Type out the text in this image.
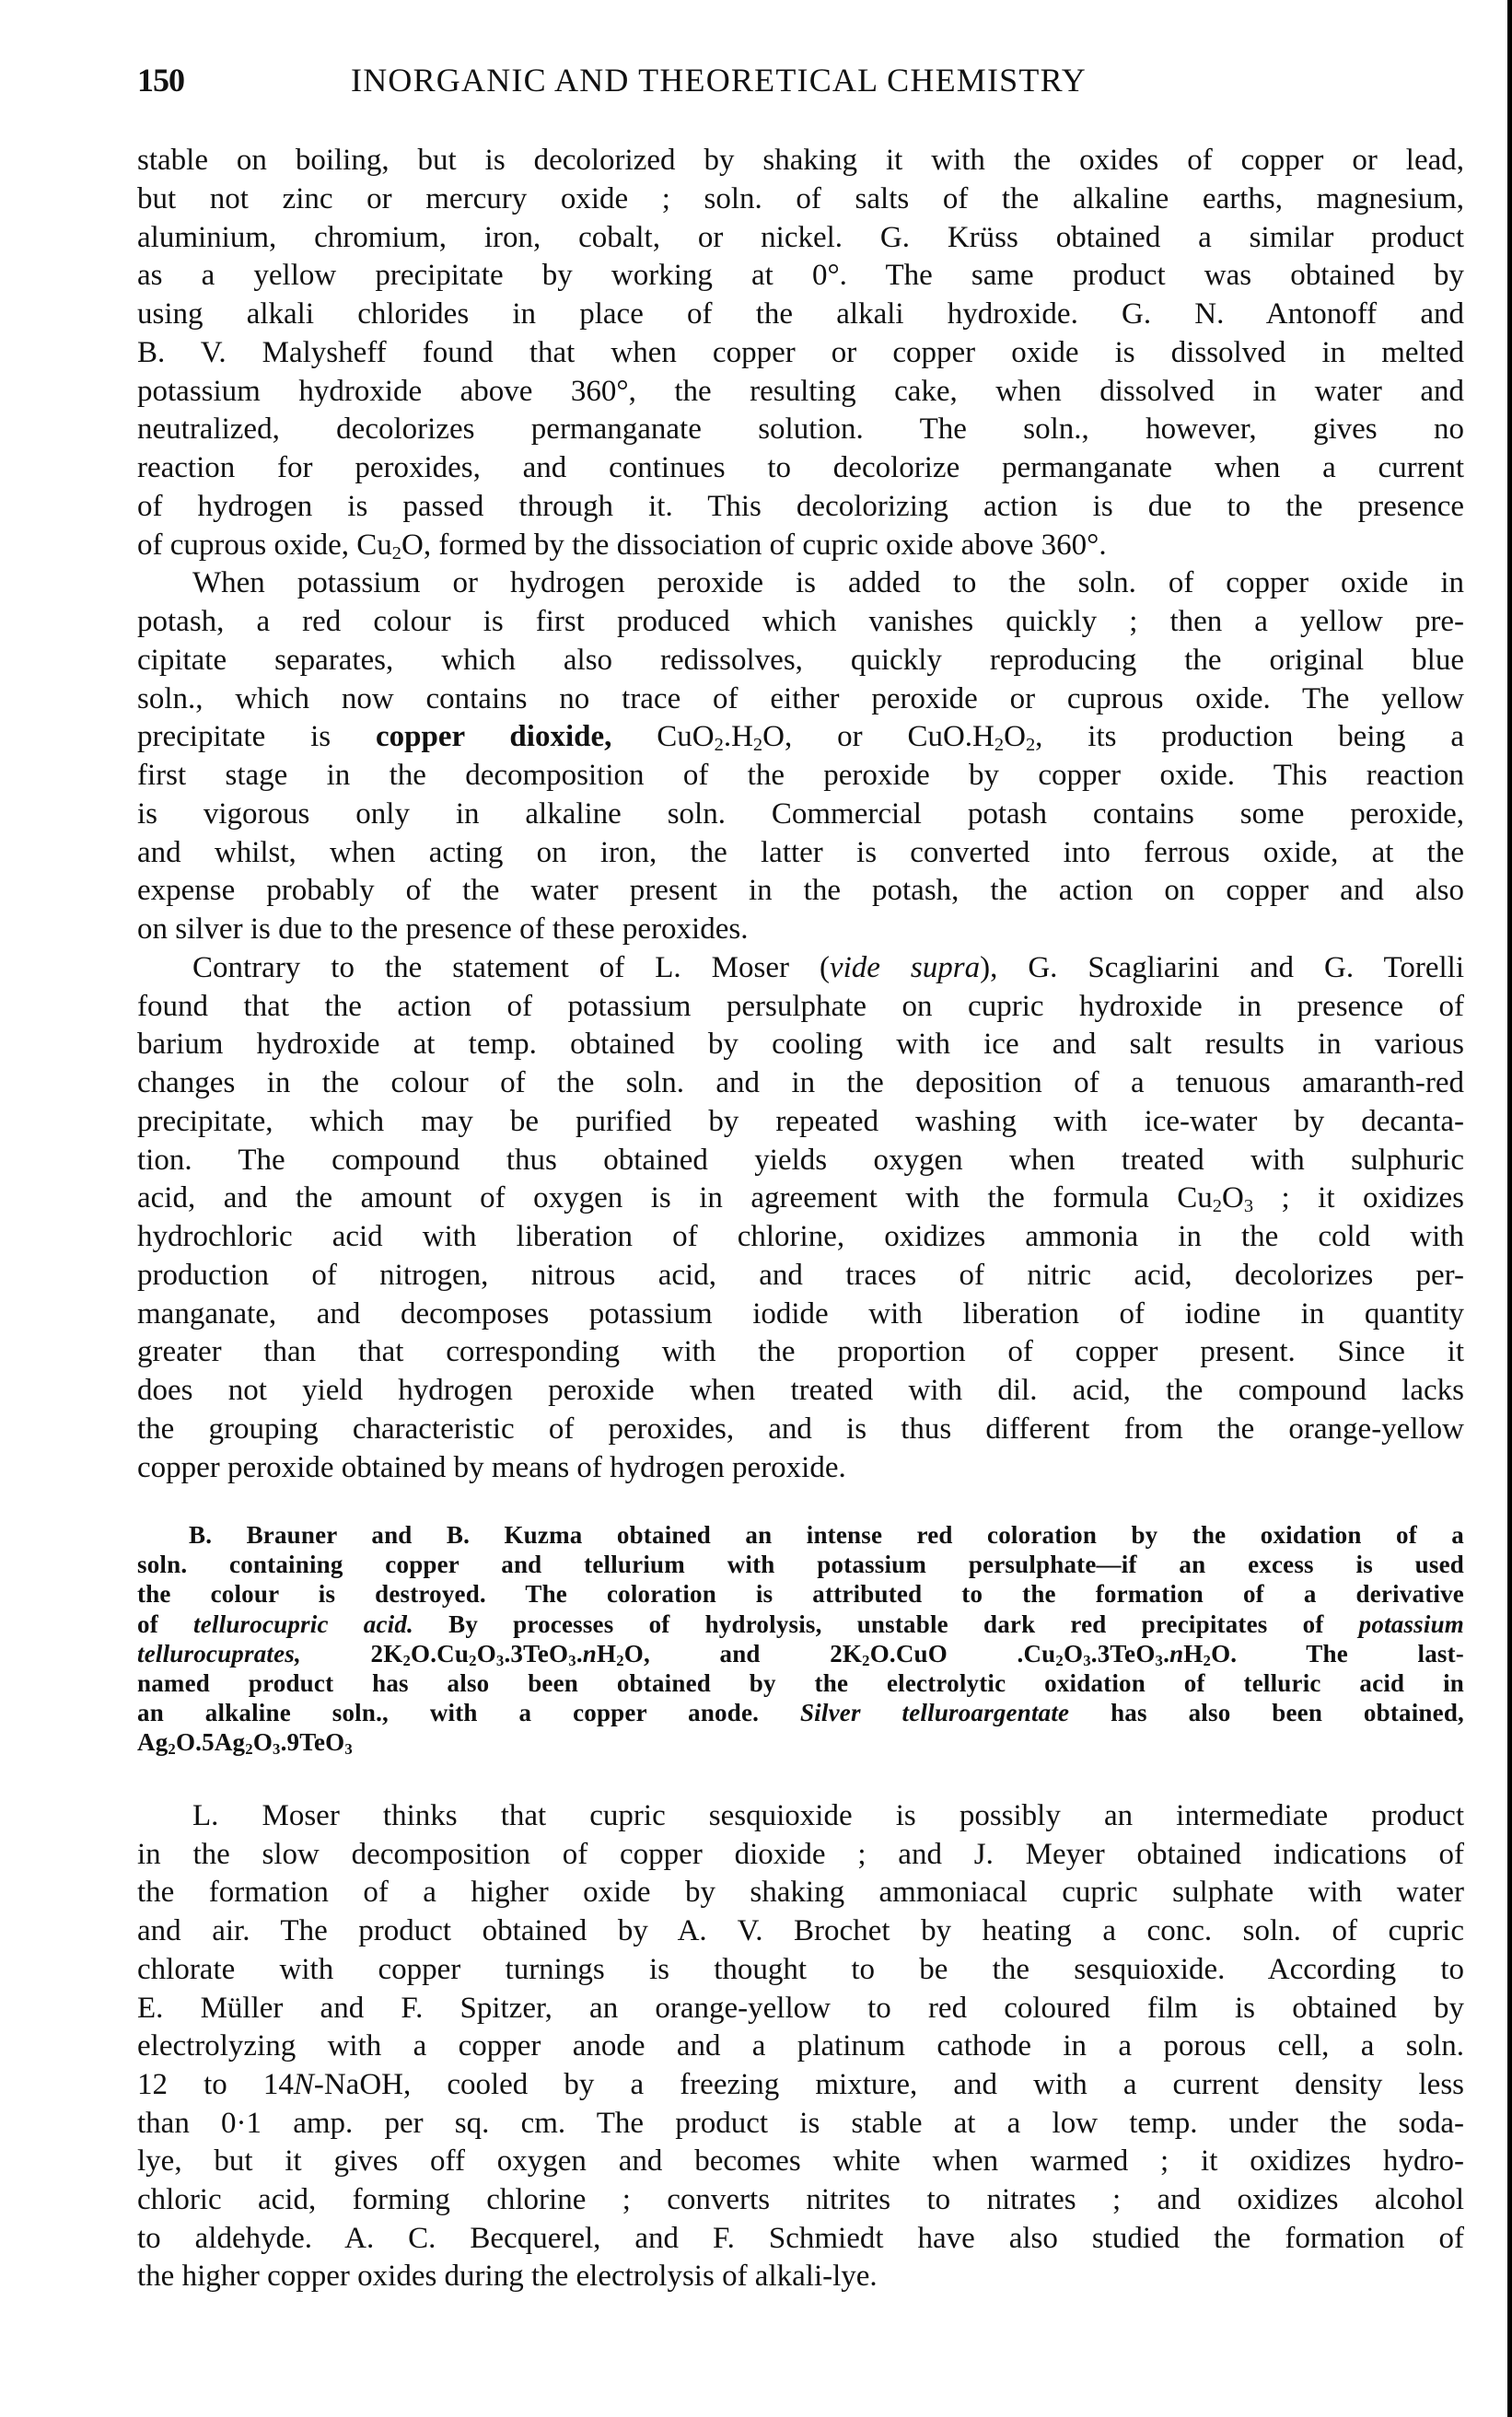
150	INORGANIC AND THEORETICAL CHEMISTRY
stable on boiling, but is decolorized by shaking it with the oxides of copper or lead,
but not zinc or mercury oxide ; soln. of salts of the alkaline earths, magnesium,
aluminium, chromium, iron, cobalt, or nickel. G. Krüss obtained a similar product
as a yellow precipitate by working at 0°. The same product was obtained by
using alkali chlorides in place of the alkali hydroxide. G. N. Antonoff and
B. V. Malysheff found that when copper or copper oxide is dissolved in melted
potassium hydroxide above 360°, the resulting cake, when dissolved in water and
neutralized, decolorizes permanganate solution. The soln., however, gives no
reaction for peroxides, and continues to decolorize permanganate when a current
of hydrogen is passed through it. This decolorizing action is due to the presence
of cuprous oxide, $Cu_2O$, formed by the dissociation of cupric oxide above 360°.
When potassium or hydrogen peroxide is added to the soln. of copper oxide in
potash, a red colour is first produced which vanishes quickly ; then a yellow pre-
cipitate separates, which also redissolves, quickly reproducing the original blue
soln., which now contains no trace of either peroxide or cuprous oxide. The yellow
precipitate is copper dioxide, $CuO_2.H_2O$, or $CuO.H_2O_2$, its production being a
first stage in the decomposition of the peroxide by copper oxide. This reaction
is vigorous only in alkaline soln. Commercial potash contains some peroxide,
and whilst, when acting on iron, the latter is converted into ferrous oxide, at the
expense probably of the water present in the potash, the action on copper and also
on silver is due to the presence of these peroxides.
Contrary to the statement of L. Moser (vide supra), G. Scagliarini and G. Torelli
found that the action of potassium persulphate on cupric hydroxide in presence of
barium hydroxide at temp. obtained by cooling with ice and salt results in various
changes in the colour of the soln. and in the deposition of a tenuous amaranth-red
precipitate, which may be purified by repeated washing with ice-water by decanta-
tion. The compound thus obtained yields oxygen when treated with sulphuric
acid, and the amount of oxygen is in agreement with the formula $Cu_2O_3$ ; it oxidizes
hydrochloric acid with liberation of chlorine, oxidizes ammonia in the cold with
production of nitrogen, nitrous acid, and traces of nitric acid, decolorizes per-
manganate, and decomposes potassium iodide with liberation of iodine in quantity
greater than that corresponding with the proportion of copper present. Since it
does not yield hydrogen peroxide when treated with dil. acid, the compound lacks
the grouping characteristic of peroxides, and is thus different from the orange-yellow
copper peroxide obtained by means of hydrogen peroxide.
B. Brauner and B. Kuzma obtained an intense red coloration by the oxidation of a
soln. containing copper and tellurium with potassium persulphate—if an excess is used
the colour is destroyed. The coloration is attributed to the formation of a derivative
of tellurocupric acid. By processes of hydrolysis, unstable dark red precipitates of potassium
tellurocuprates, $2K_2O.Cu_2O_3.3TeO_3.nH_2O$, and $2K_2O.CuO$ $.Cu_2O_3.3TeO_3.nH_2O$. The last-
named product has also been obtained by the electrolytic oxidation of telluric acid in
an alkaline soln., with a copper anode. Silver telluroargentate has also been obtained,
$Ag_2O.5Ag_2O_3.9TeO_3$
L. Moser thinks that cupric sesquioxide is possibly an intermediate product
in the slow decomposition of copper dioxide ; and J. Meyer obtained indications of
the formation of a higher oxide by shaking ammoniacal cupric sulphate with water
and air. The product obtained by A. V. Brochet by heating a conc. soln. of cupric
chlorate with copper turnings is thought to be the sesquioxide. According to
E. Müller and F. Spitzer, an orange-yellow to red coloured film is obtained by
electrolyzing with a copper anode and a platinum cathode in a porous cell, a soln.
12 to 14N-NaOH, cooled by a freezing mixture, and with a current density less
than 0·1 amp. per sq. cm. The product is stable at a low temp. under the soda-
lye, but it gives off oxygen and becomes white when warmed ; it oxidizes hydro-
chloric acid, forming chlorine ; converts nitrites to nitrates ; and oxidizes alcohol
to aldehyde. A. C. Becquerel, and F. Schmiedt have also studied the formation of
the higher copper oxides during the electrolysis of alkali-lye.
